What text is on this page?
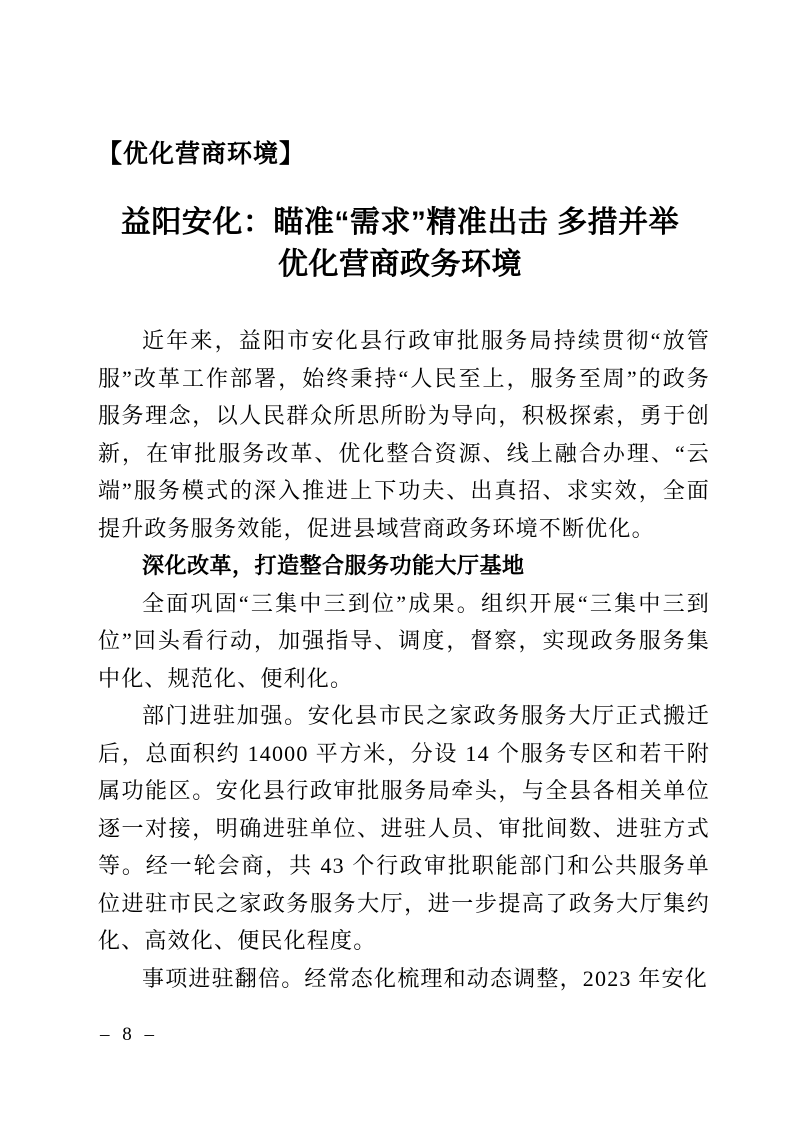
【优化营商环境】
益阳安化：瞄准“需求”精准出击 多措并举
优化营商政务环境

近年来，益阳市安化县行政审批服务局持续贯彻“放管服”改革工作部署，始终秉持“人民至上，服务至周”的政务服务理念，以人民群众所思所盼为导向，积极探索，勇于创新，在审批服务改革、优化整合资源、线上融合办理、“云端”服务模式的深入推进上下功夫、出真招、求实效，全面提升政务服务效能，促进县域营商政务环境不断优化。

深化改革，打造整合服务功能大厅基地

全面巩固“三集中三到位”成果。组织开展“三集中三到位”回头看行动，加强指导、调度，督察，实现政务服务集中化、规范化、便利化。

部门进驻加强。安化县市民之家政务服务大厅正式搬迁后，总面积约 14000 平方米，分设 14 个服务专区和若干附属功能区。安化县行政审批服务局牵头，与全县各相关单位逐一对接，明确进驻单位、进驻人员、审批间数、进驻方式等。经一轮会商，共 43 个行政审批职能部门和公共服务单位进驻市民之家政务服务大厅，进一步提高了政务大厅集约化、高效化、便民化程度。

事项进驻翻倍。经常态化梳理和动态调整，2023 年安化

– 8 –
